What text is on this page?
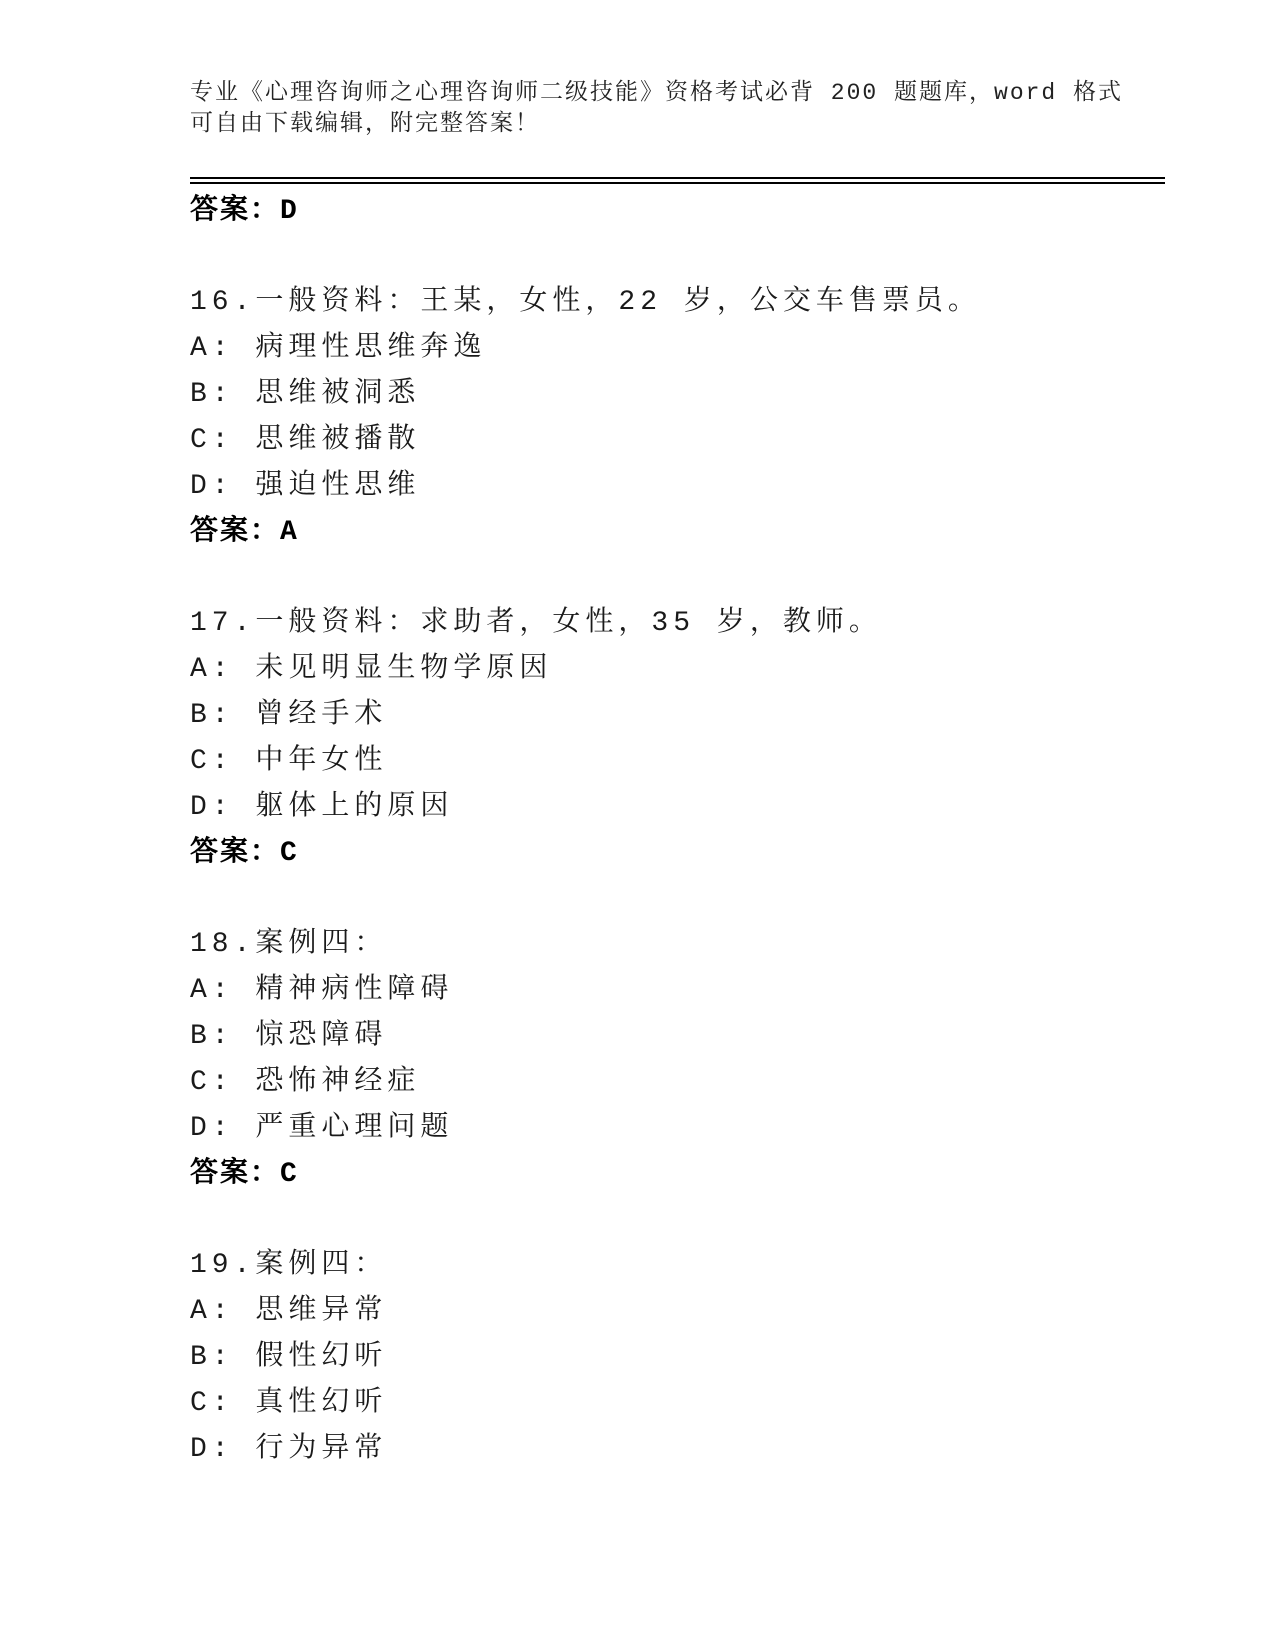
专业《心理咨询师之心理咨询师二级技能》资格考试必背 200 题题库，word 格式
可自由下载编辑，附完整答案！
答案：D
16.一般资料：王某，女性，22 岁，公交车售票员。
A: 病理性思维奔逸
B: 思维被洞悉
C: 思维被播散
D: 强迫性思维
答案：A
17.一般资料：求助者，女性，35 岁，教师。
A: 未见明显生物学原因
B: 曾经手术
C: 中年女性
D: 躯体上的原因
答案：C
18.案例四：
A: 精神病性障碍
B: 惊恐障碍
C: 恐怖神经症
D: 严重心理问题
答案：C
19.案例四：
A: 思维异常
B: 假性幻听
C: 真性幻听
D: 行为异常
